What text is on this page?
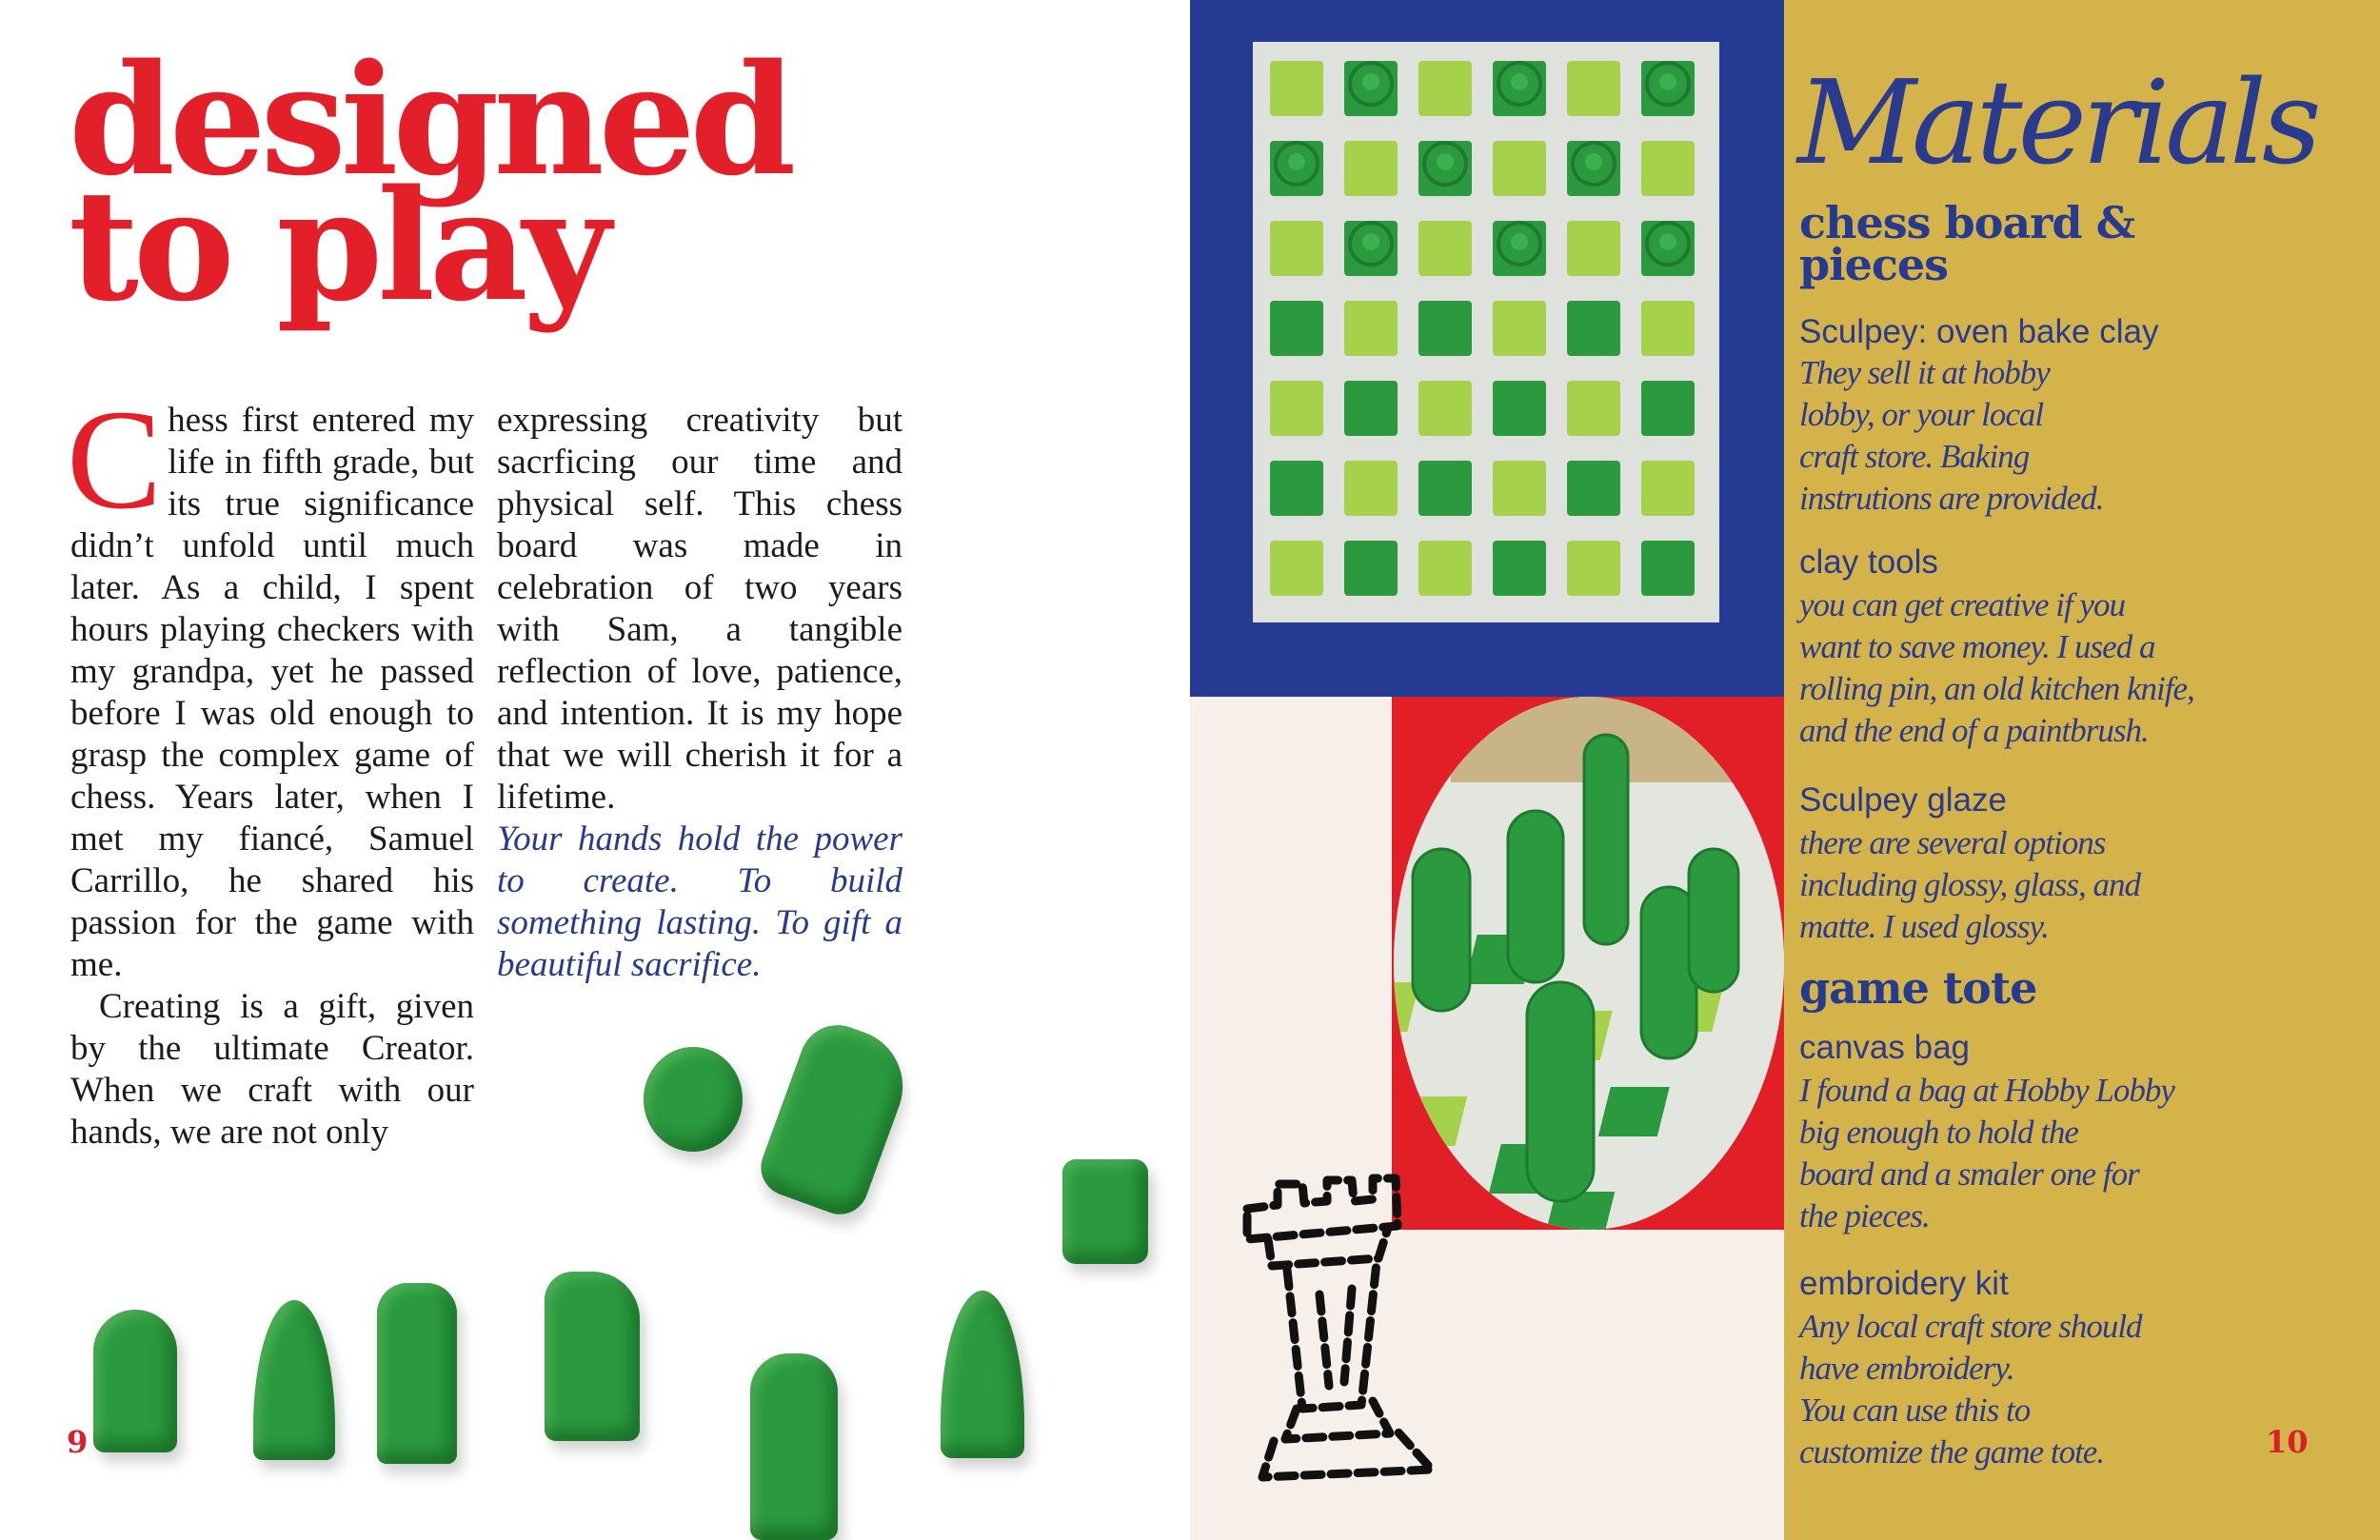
designed
to play
C hess first entered my life in fifth grade, but its true significance didn’t unfold until much later. As a child, I spent hours playing checkers with my grandpa, yet he passed before I was old enough to grasp the complex game of chess. Years later, when I met my fiancé, Samuel Carrillo, he shared his passion for the game with me.
Creating is a gift, given by the ultimate Creator. When we craft with our hands, we are not only
expressing creativity but sacrficing our time and physical self. This chess board was made in celebration of two years with Sam, a tangible reflection of love, patience, and intention. It is my hope that we will cherish it for a lifetime.
Your hands hold the power to create. To build something lasting. To gift a beautiful sacrifice.
9
Materials
chess board & pieces
Sculpey: oven bake clay
They sell it at hobby
lobby, or your local
craft store. Baking
instrutions are provided.
clay tools
you can get creative if you
want to save money. I used a
rolling pin, an old kitchen knife,
and the end of a paintbrush.
Sculpey glaze
there are several options
including glossy, glass, and
matte. I used glossy.
game tote
canvas bag
I found a bag at Hobby Lobby
big enough to hold the
board and a smaler one for
the pieces.
embroidery kit
Any local craft store should
have embroidery.
You can use this to
customize the game tote.	10
